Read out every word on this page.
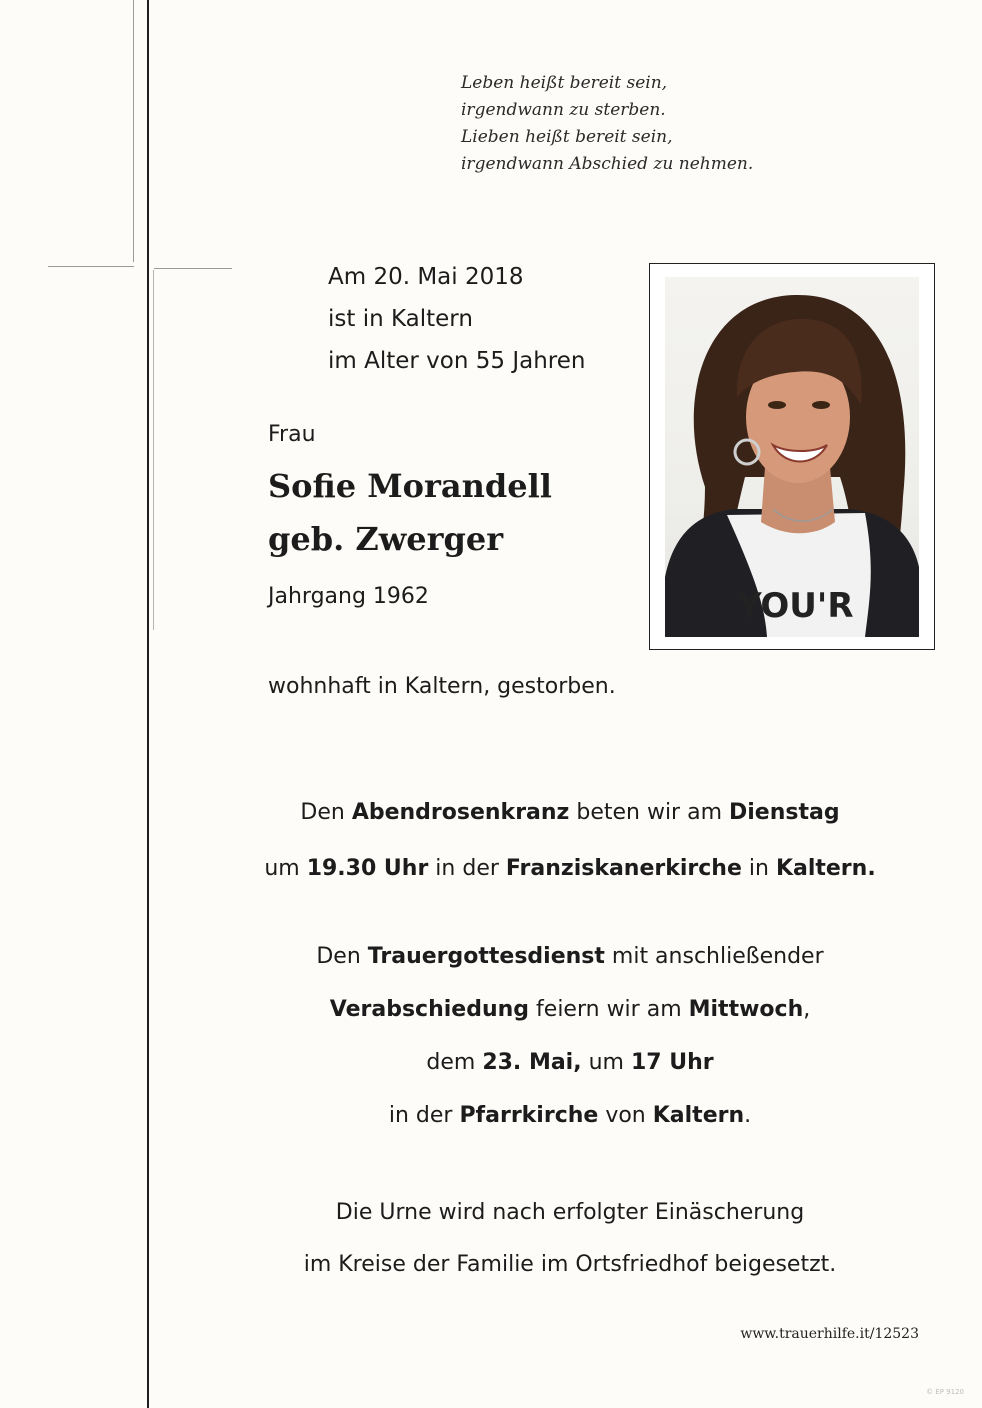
Leben heißt bereit sein,
irgendwann zu sterben.
Lieben heißt bereit sein,
irgendwann Abschied zu nehmen.
Am 20. Mai 2018
ist in Kaltern
im Alter von 55 Jahren
Frau
Sofie Morandell
geb. Zwerger
Jahrgang 1962	YOU'R
wohnhaft in Kaltern, gestorben.
Den Abendrosenkranz beten wir am Dienstag
um 19.30 Uhr in der Franziskanerkirche in Kaltern.
Den Trauergottesdienst mit anschließender
Verabschiedung feiern wir am Mittwoch,
dem 23. Mai, um 17 Uhr
in der Pfarrkirche von Kaltern.
Die Urne wird nach erfolgter Einäscherung
im Kreise der Familie im Ortsfriedhof beigesetzt.
www.trauerhilfe.it/12523
© EP 9120
